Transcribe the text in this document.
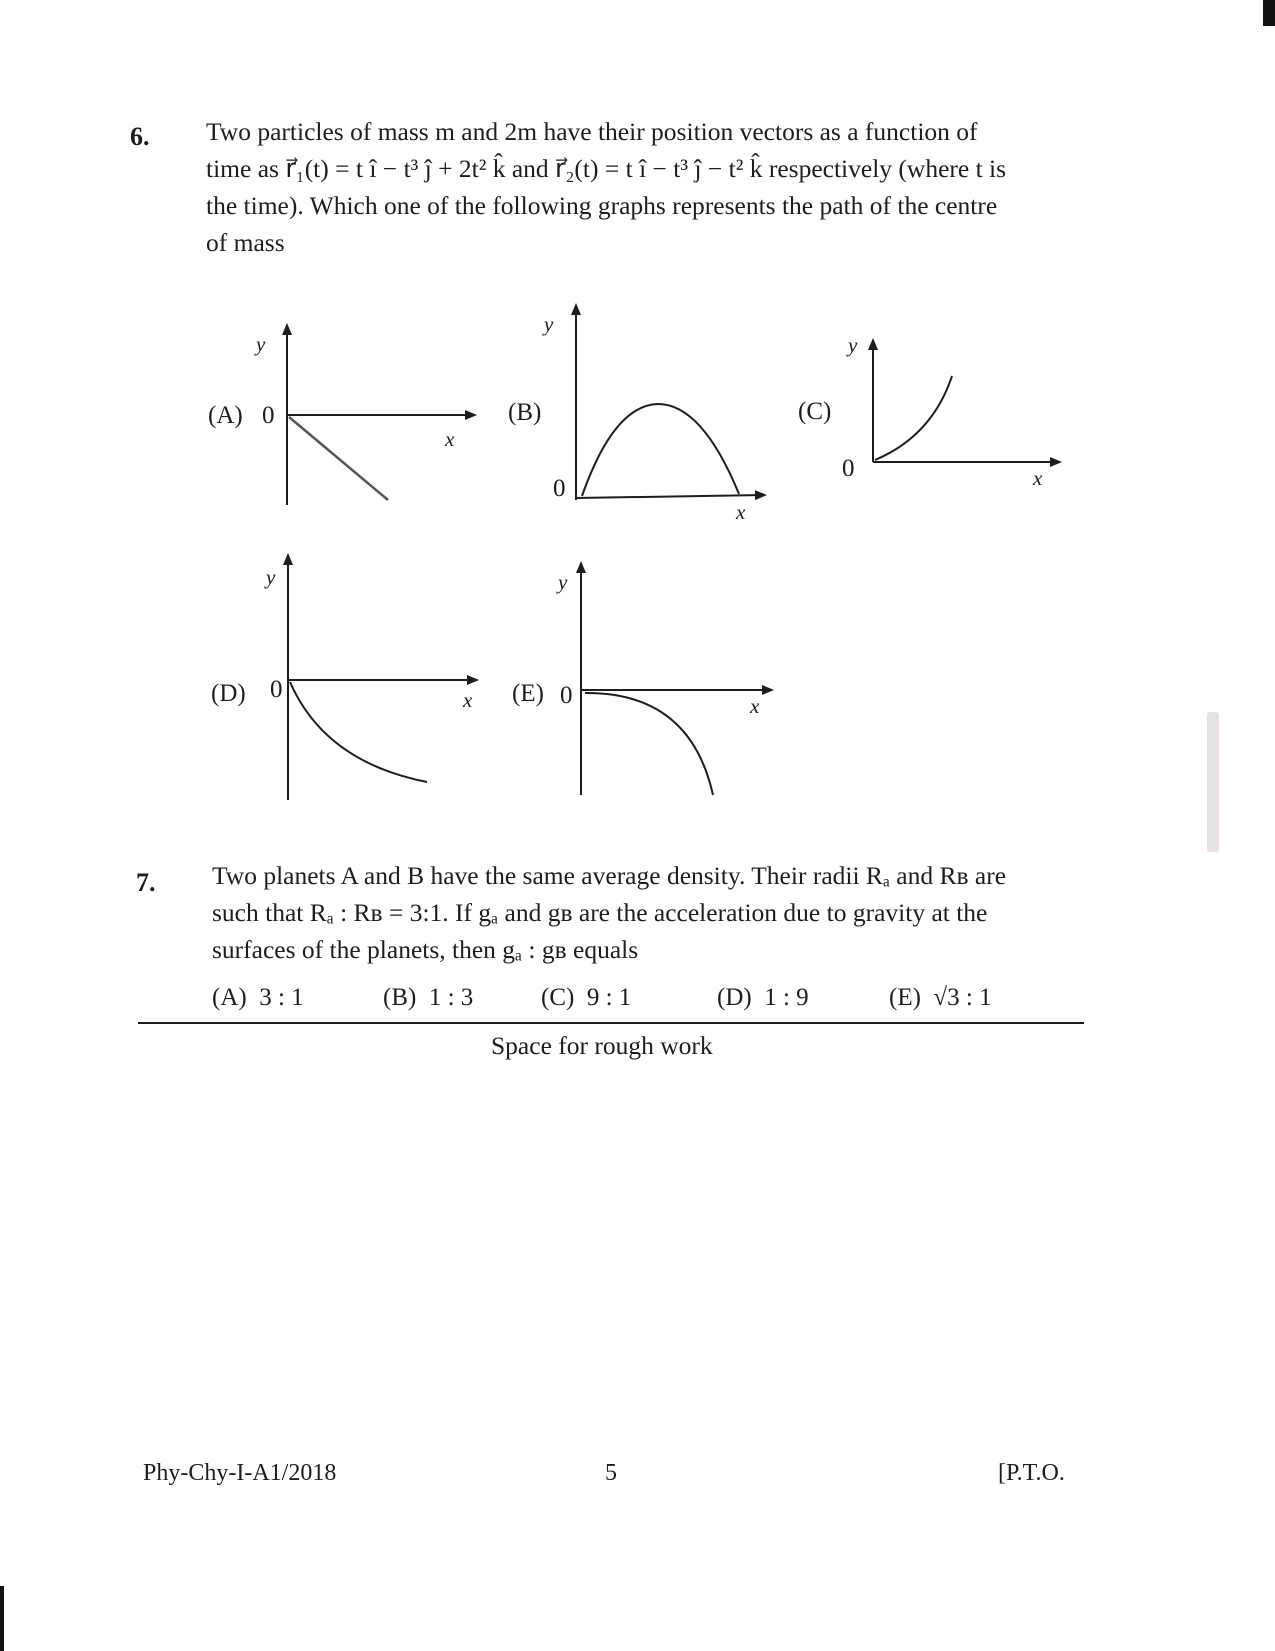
6. Two particles of mass m and 2m have their position vectors as a function of
time as r⃗₁(t) = t î − t³ ĵ + 2t² k̂ and r⃗₂(t) = t î − t³ ĵ − t² k̂ respectively (where t is
the time). Which one of the following graphs represents the path of the centre
of mass
(A) 0
y
x
(B)
0
y
x
(C)
0
y
x
(D) 0
y
x (E) 0
y
x
7. Two planets A and B have the same average density. Their radii Rₐ and Rʙ are
such that Rₐ : Rʙ = 3:1. If gₐ and gʙ are the acceleration due to gravity at the
surfaces of the planets, then gₐ : gʙ equals
(A) 3 : 1	(B) 1 : 3	(C) 9 : 1	(D) 1 : 9	(E) √3 : 1
Space for rough work
Phy-Chy-I-A1/2018	5	[P.T.O.
